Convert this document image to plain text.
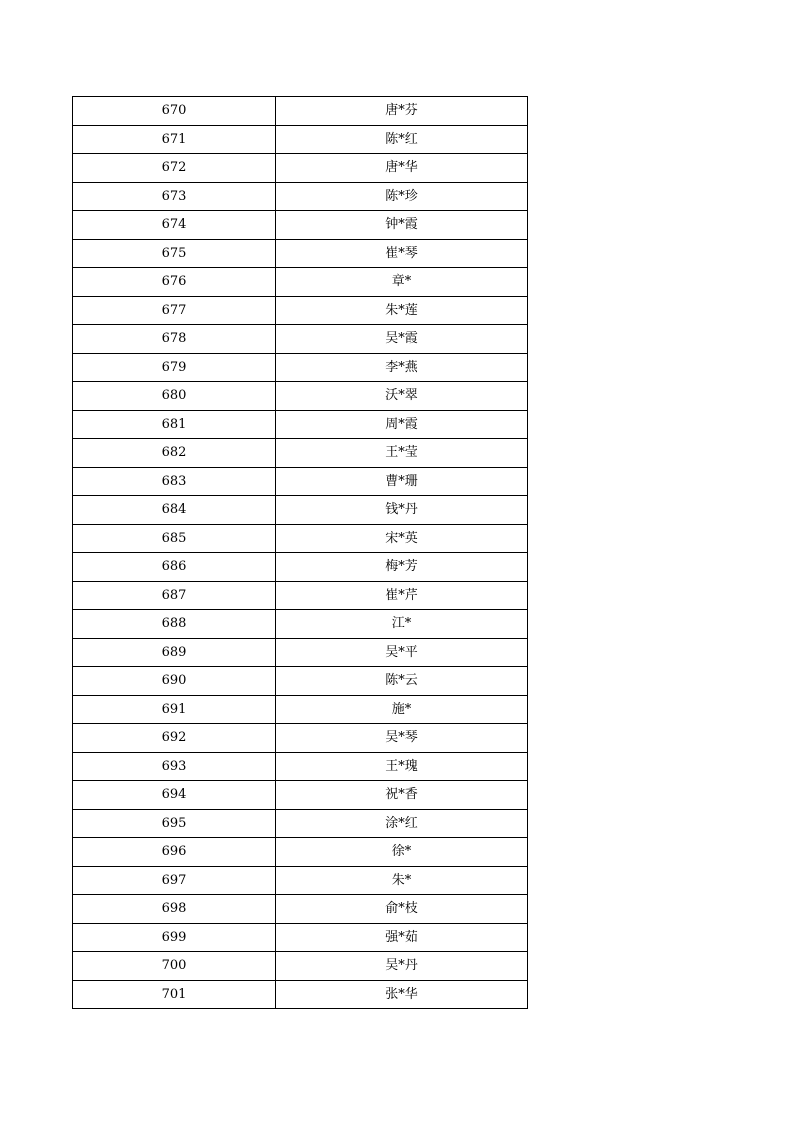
670	唐*芬
671	陈*红
672	唐*华
673	陈*珍
674	钟*霞
675	崔*琴
676	章*
677	朱*莲
678	吴*霞
679	李*燕
680	沃*翠
681	周*霞
682	王*莹
683	曹*珊
684	钱*丹
685	宋*英
686	梅*芳
687	崔*芹
688	江*
689	吴*平
690	陈*云
691	施*
692	吴*琴
693	王*瑰
694	祝*香
695	涂*红
696	徐*
697	朱*
698	俞*枝
699	强*茹
700	吴*丹
701	张*华
